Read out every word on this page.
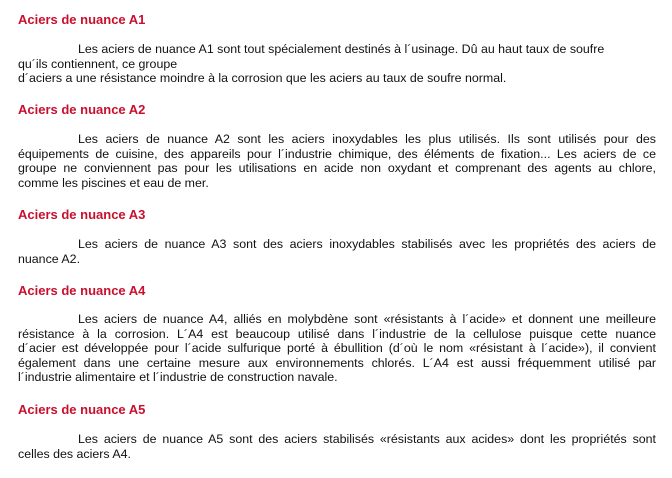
Aciers de nuance A1
Les aciers de nuance A1 sont tout spécialement destinés à l´usinage. Dû au haut taux de soufre
qu´ils contiennent, ce groupe
d´aciers a une résistance moindre à la corrosion que les aciers au taux de soufre normal.
Aciers de nuance A2
Les aciers de nuance A2 sont les aciers inoxydables les plus utilisés. Ils sont utilisés pour des
équipements de cuisine, des appareils pour l´industrie chimique, des éléments de fixation... Les aciers de ce
groupe ne conviennent pas pour les utilisations en acide non oxydant et comprenant des agents au chlore,
comme les piscines et eau de mer.
Aciers de nuance A3
Les aciers de nuance A3 sont des aciers inoxydables stabilisés avec les propriétés des aciers de
nuance A2.
Aciers de nuance A4
Les aciers de nuance A4, alliés en molybdène sont «résistants à l´acide» et donnent une meilleure
résistance à la corrosion. L´A4 est beaucoup utilisé dans l´industrie de la cellulose puisque cette nuance
d´acier est développée pour l´acide sulfurique porté à ébullition (d´où le nom «résistant à l´acide»), il convient
également dans une certaine mesure aux environnements chlorés. L´A4 est aussi fréquemment utilisé par
l´industrie alimentaire et l´industrie de construction navale.
Aciers de nuance A5
Les aciers de nuance A5 sont des aciers stabilisés «résistants aux acides» dont les propriétés sont
celles des aciers A4.
